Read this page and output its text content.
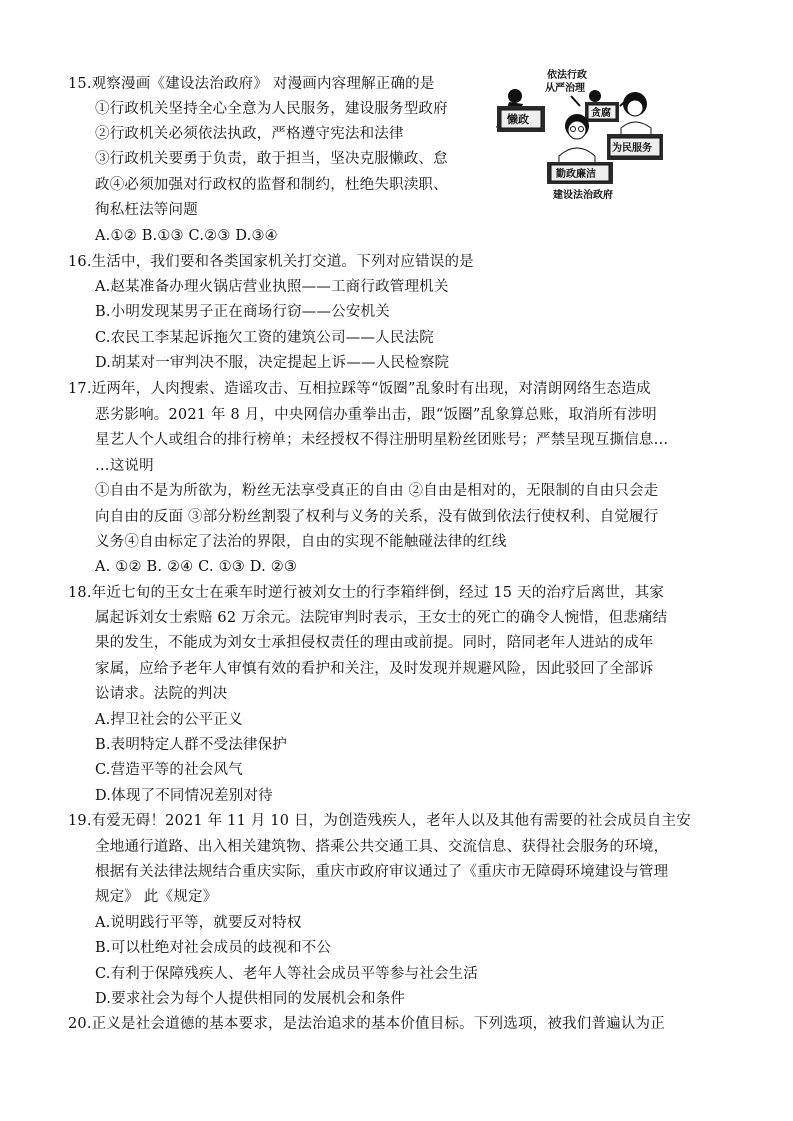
15.观察漫画《建设法治政府》 对漫画内容理解正确的是
①行政机关坚持全心全意为人民服务，建设服务型政府
②行政机关必须依法执政，严格遵守宪法和法律
③行政机关要勇于负责，敢于担当，坚决克服懒政、怠
政④必须加强对行政权的监督和制约，杜绝失职渎职、
徇私枉法等问题
A.①② B.①③ C.②③ D.③④
依法行政
从严治理
懒政	贪腐
为民服务
勤政廉洁
建设法治政府
16.生活中，我们要和各类国家机关打交道。下列对应错误的是
A.赵某准备办理火锅店营业执照——工商行政管理机关
B.小明发现某男子正在商场行窃——公安机关
C.农民工李某起诉拖欠工资的建筑公司——人民法院
D.胡某对一审判决不服，决定提起上诉——人民检察院
17.近两年，人肉搜索、造谣攻击、互相拉踩等“饭圈”乱象时有出现，对清朗网络生态造成
恶劣影响。2021 年 8 月，中央网信办重拳出击，跟“饭圈”乱象算总账，取消所有涉明
星艺人个人或组合的排行榜单；未经授权不得注册明星粉丝团账号；严禁呈现互撕信息…
…这说明
①自由不是为所欲为，粉丝无法享受真正的自由 ②自由是相对的，无限制的自由只会走
向自由的反面 ③部分粉丝割裂了权利与义务的关系，没有做到依法行使权利、自觉履行
义务④自由标定了法治的界限，自由的实现不能触碰法律的红线
A. ①② B. ②④ C. ①③ D. ②③
18.年近七旬的王女士在乘车时逆行被刘女士的行李箱绊倒，经过 15 天的治疗后离世，其家
属起诉刘女士索赔 62 万余元。法院审判时表示，王女士的死亡的确令人惋惜，但悲痛结
果的发生，不能成为刘女士承担侵权责任的理由或前提。同时，陪同老年人进站的成年
家属，应给予老年人审慎有效的看护和关注，及时发现并规避风险，因此驳回了全部诉
讼请求。法院的判决
A.捍卫社会的公平正义
B.表明特定人群不受法律保护
C.营造平等的社会风气
D.体现了不同情况差别对待
19.有爱无碍！2021 年 11 月 10 日，为创造残疾人，老年人以及其他有需要的社会成员自主安
全地通行道路、出入相关建筑物、搭乘公共交通工具、交流信息、获得社会服务的环境，
根据有关法律法规结合重庆实际，重庆市政府审议通过了《重庆市无障碍环境建设与管理
规定》 此《规定》
A.说明践行平等，就要反对特权
B.可以杜绝对社会成员的歧视和不公
C.有利于保障残疾人、老年人等社会成员平等参与社会生活
D.要求社会为每个人提供相同的发展机会和条件
20.正义是社会道德的基本要求，是法治追求的基本价值目标。下列选项，被我们普遍认为正
